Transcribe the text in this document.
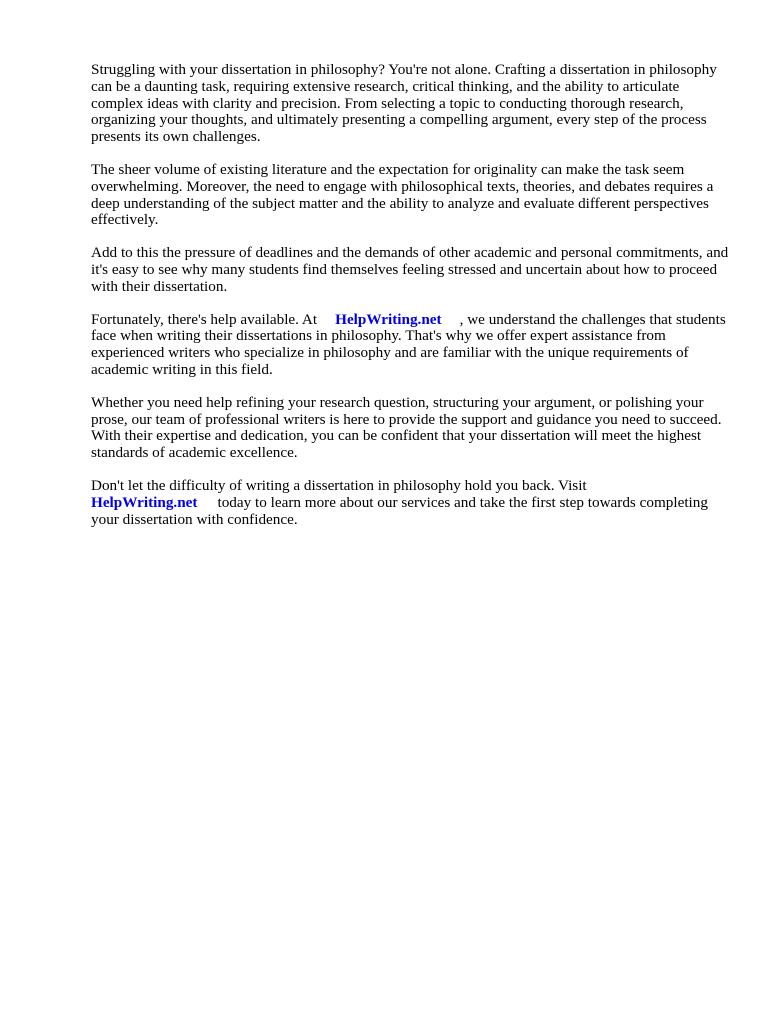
Struggling with your dissertation in philosophy? You're not alone. Crafting a dissertation in philosophy can be a daunting task, requiring extensive research, critical thinking, and the ability to articulate complex ideas with clarity and precision. From selecting a topic to conducting thorough research, organizing your thoughts, and ultimately presenting a compelling argument, every step of the process presents its own challenges.

The sheer volume of existing literature and the expectation for originality can make the task seem overwhelming. Moreover, the need to engage with philosophical texts, theories, and debates requires a deep understanding of the subject matter and the ability to analyze and evaluate different perspectives effectively.

Add to this the pressure of deadlines and the demands of other academic and personal commitments, and it's easy to see why many students find themselves feeling stressed and uncertain about how to proceed with their dissertation.

Fortunately, there's help available. At HelpWriting.net , we understand the challenges that students face when writing their dissertations in philosophy. That's why we offer expert assistance from experienced writers who specialize in philosophy and are familiar with the unique requirements of academic writing in this field.

Whether you need help refining your research question, structuring your argument, or polishing your prose, our team of professional writers is here to provide the support and guidance you need to succeed. With their expertise and dedication, you can be confident that your dissertation will meet the highest standards of academic excellence.

Don't let the difficulty of writing a dissertation in philosophy hold you back. Visit
HelpWriting.net today to learn more about our services and take the first step towards completing your dissertation with confidence.
